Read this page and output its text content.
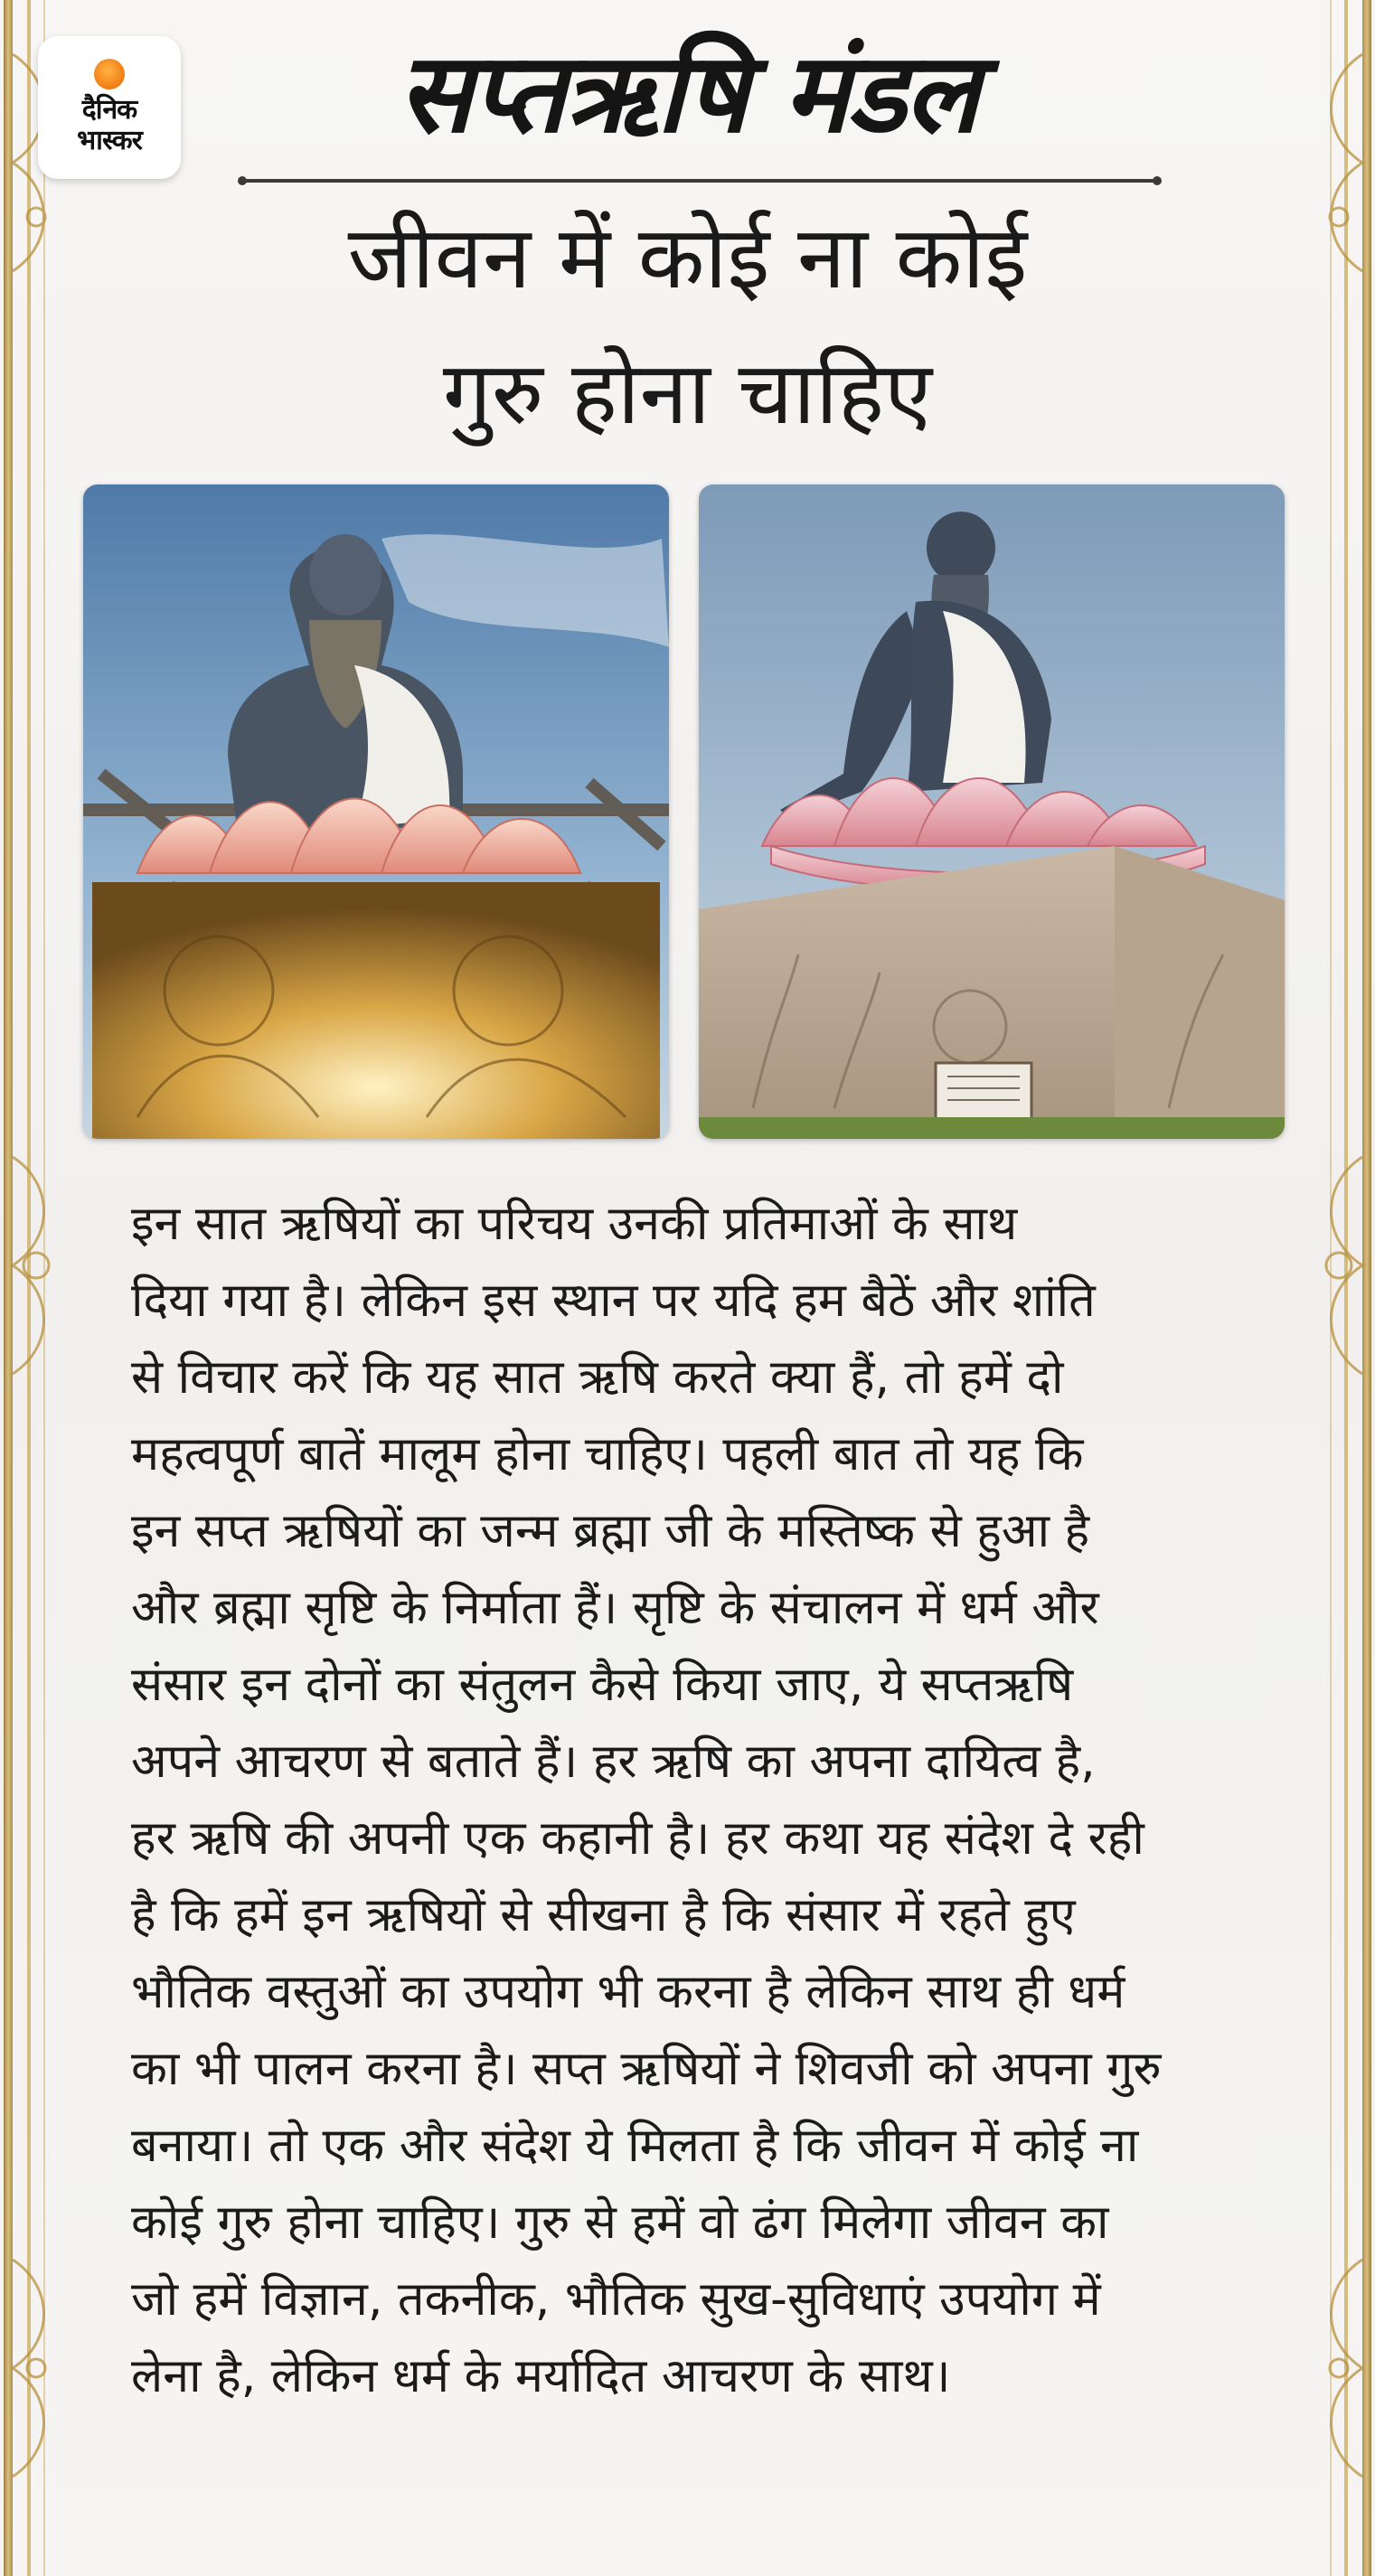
दैनिक
भास्कर	सप्तऋषि मंडल
जीवन में कोई ना कोई
गुरु होना चाहिए
इन सात ऋषियों का परिचय उनकी प्रतिमाओं के साथ
दिया गया है। लेकिन इस स्थान पर यदि हम बैठें और शांति
से विचार करें कि यह सात ऋषि करते क्या हैं, तो हमें दो
महत्वपूर्ण बातें मालूम होना चाहिए। पहली बात तो यह कि
इन सप्त ऋषियों का जन्म ब्रह्मा जी के मस्तिष्क से हुआ है
और ब्रह्मा सृष्टि के निर्माता हैं। सृष्टि के संचालन में धर्म और
संसार इन दोनों का संतुलन कैसे किया जाए, ये सप्तऋषि
अपने आचरण से बताते हैं। हर ऋषि का अपना दायित्व है,
हर ऋषि की अपनी एक कहानी है। हर कथा यह संदेश दे रही
है कि हमें इन ऋषियों से सीखना है कि संसार में रहते हुए
भौतिक वस्तुओं का उपयोग भी करना है लेकिन साथ ही धर्म
का भी पालन करना है। सप्त ऋषियों ने शिवजी को अपना गुरु
बनाया। तो एक और संदेश ये मिलता है कि जीवन में कोई ना
कोई गुरु होना चाहिए। गुरु से हमें वो ढंग मिलेगा जीवन का
जो हमें विज्ञान, तकनीक, भौतिक सुख-सुविधाएं उपयोग में
लेना है, लेकिन धर्म के मर्यादित आचरण के साथ।
